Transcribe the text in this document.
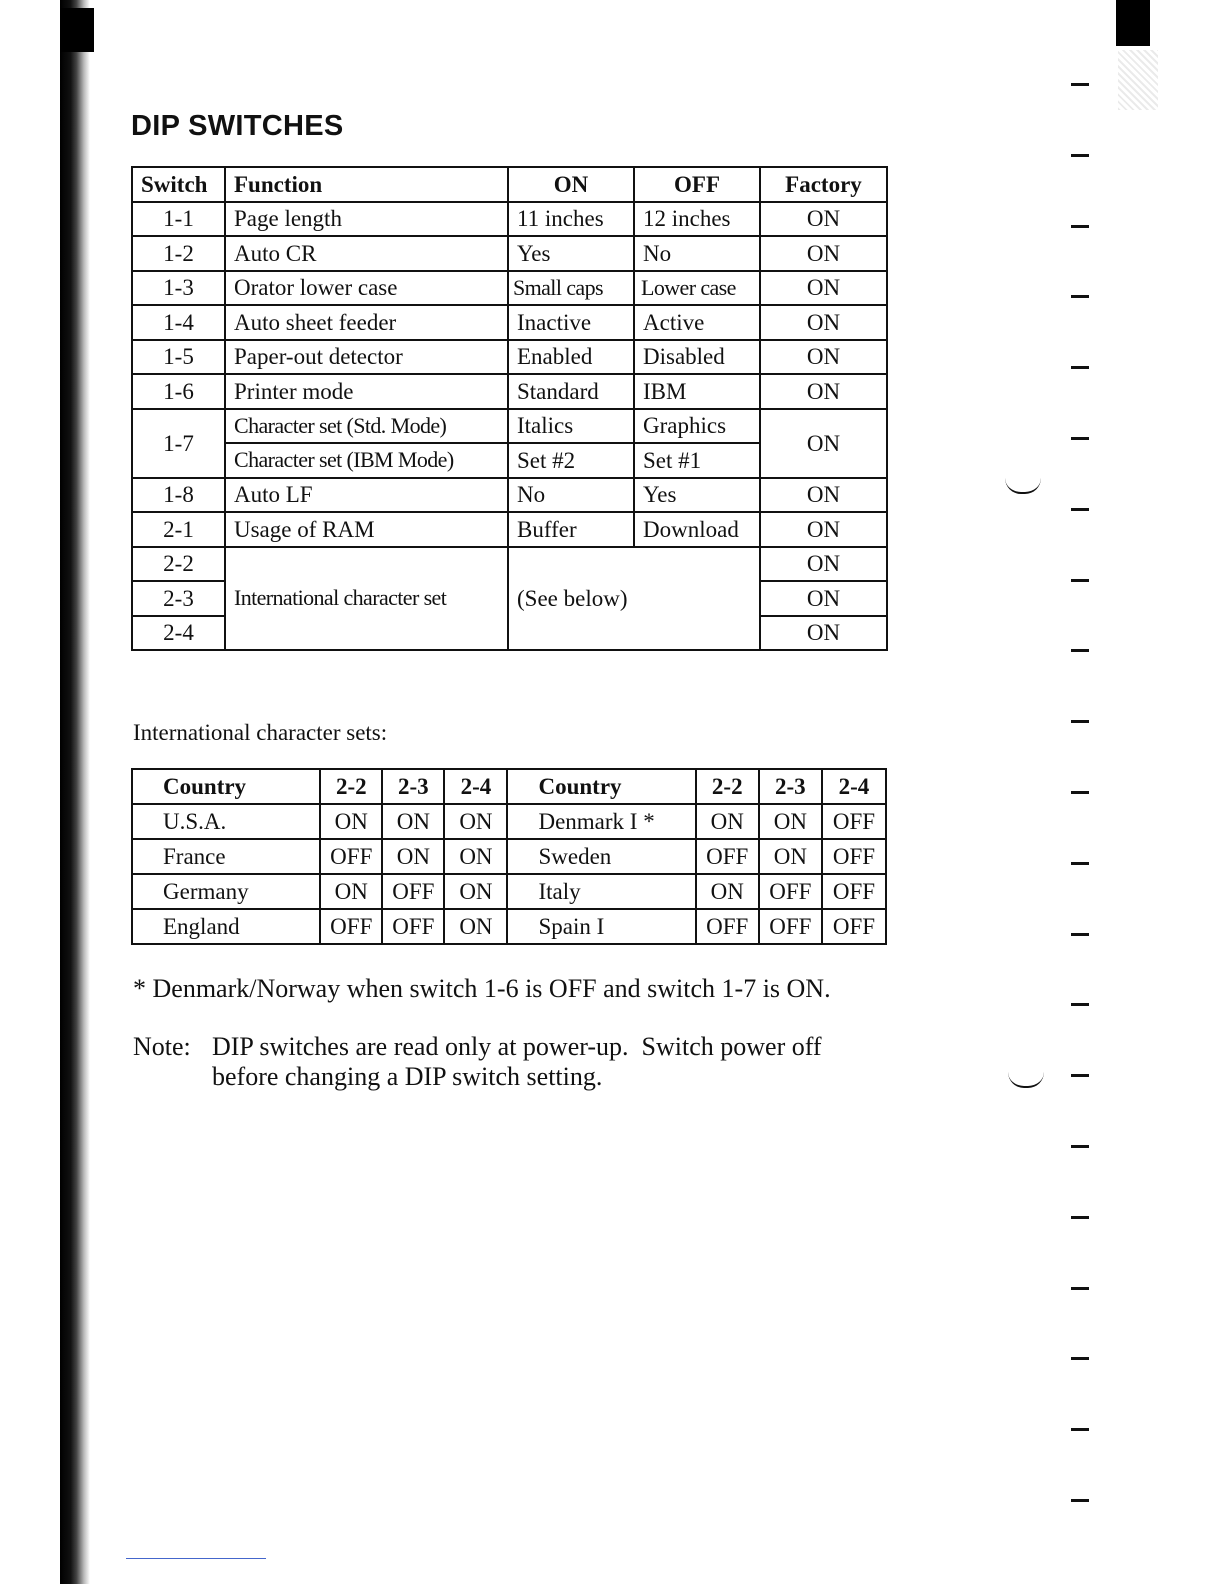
DIP SWITCHES
Switch	Function	ON	OFF	Factory
1-1	Page length	11 inches	12 inches	ON
1-2	Auto CR	Yes	No	ON
1-3	Orator lower case	Small caps	Lower case	ON
1-4	Auto sheet feeder	Inactive	Active	ON
1-5	Paper-out detector	Enabled	Disabled	ON
1-6	Printer mode	Standard	IBM	ON
1-7	Character set (Std. Mode)	Italics	Graphics	ON
	Character set (IBM Mode)	Set #2	Set #1	
1-8	Auto LF	No	Yes	ON
2-1	Usage of RAM	Buffer	Download	ON
2-2	International character set	(See below)		ON
2-3				ON
2-4				ON

International character sets:

Country	2-2	2-3	2-4	Country	2-2	2-3	2-4
U.S.A.	ON	ON	ON	Denmark I *	ON	ON	OFF
France	OFF	ON	ON	Sweden	OFF	ON	OFF
Germany	ON	OFF	ON	Italy	ON	OFF	OFF
England	OFF	OFF	ON	Spain I	OFF	OFF	OFF

* Denmark/Norway when switch 1-6 is OFF and switch 1-7 is ON.

Note: DIP switches are read only at power-up.  Switch power off
before changing a DIP switch setting.
